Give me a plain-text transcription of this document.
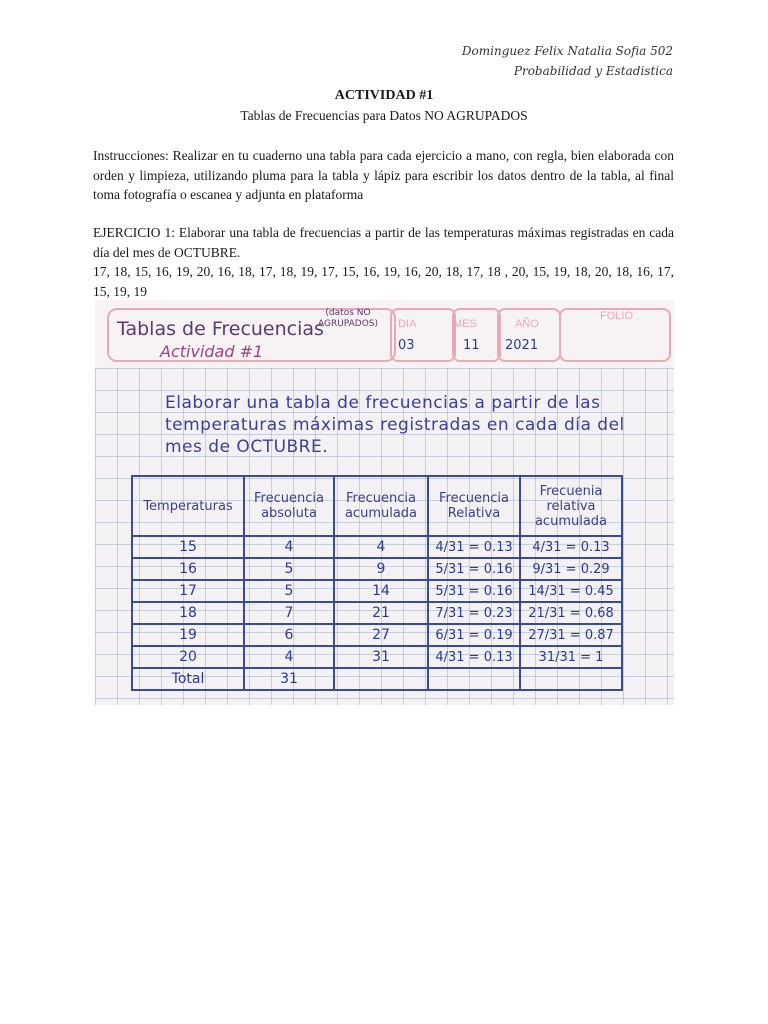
Dominguez Felix Natalia Sofia 502
Probabilidad y Estadistica
ACTIVIDAD #1
Tablas de Frecuencias para Datos NO AGRUPADOS
Instrucciones: Realizar en tu cuaderno una tabla para cada ejercicio a mano, con regla, bien elaborada con orden y limpieza, utilizando pluma para la tabla y lápiz para escribir los datos dentro de la tabla, al final toma fotografía o escanea y adjunta en plataforma
EJERCICIO 1: Elaborar una tabla de frecuencias a partir de las temperaturas máximas registradas en cada día del mes de OCTUBRE.
17, 18, 15, 16, 19, 20, 16, 18, 17, 18, 19, 17, 15, 16, 19, 16, 20, 18, 17, 18 , 20, 15, 19, 18, 20, 18, 16, 17, 15, 19, 19
Tablas de Frecuencias
(datos NO AGRUPADOS)
Actividad #1
DIA	MES	AÑO
FOLIO
03	11 2021
Elaborar una tabla de frecuencias a partir de las temperaturas máximas registradas en cada día del mes de OCTUBRE.
Temperaturas	Frecuencia absoluta	Frecuencia acumulada	Frecuencia Relativa	Frecuenia relativa acumulada
15	4	4	4/31 = 0.13	4/31 = 0.13
16	5	9	5/31 = 0.16	9/31 = 0.29
17	5	14	5/31 = 0.16	14/31 = 0.45
18	7	21	7/31 = 0.23	21/31 = 0.68
19	6	27	6/31 = 0.19	27/31 = 0.87
20	4	31	4/31 = 0.13	31/31 = 1
Total	31			
